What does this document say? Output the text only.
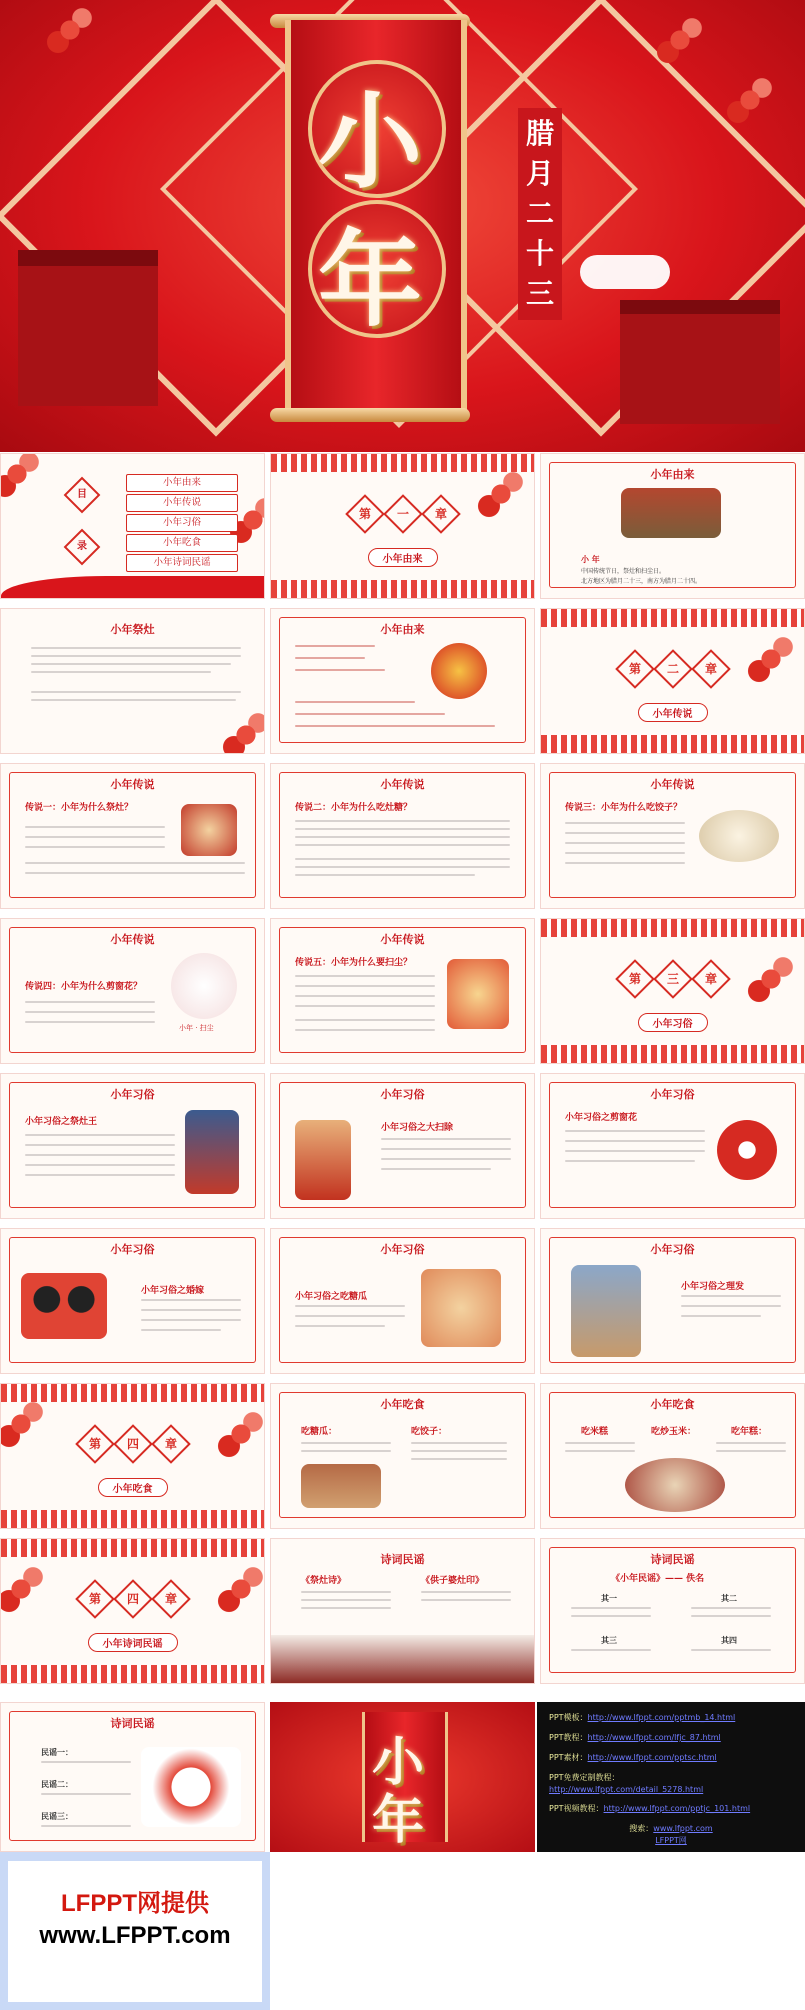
小
年
腊月二十三
目
录
小年由来
小年传说
小年习俗
小年吃食
小年诗词民谣
第	一	章
小年由来
小年由来
小 年
中国传统节日，祭灶和扫尘日。
北方地区为腊月二十三，南方为腊月二十四。
小年祭灶	小年由来
第	二	章
小年传说
小年传说
传说一：小年为什么祭灶？
小年传说
传说二：小年为什么吃灶糖？
小年传说
传说三：小年为什么吃饺子？
小年传说
传说四：小年为什么剪窗花？
小年 · 扫尘
小年传说
传说五：小年为什么要扫尘？
第	三	章
小年习俗
小年习俗
小年习俗之祭灶王
小年习俗
小年习俗之大扫除
小年习俗
小年习俗之剪窗花
小年习俗
小年习俗之婚嫁
小年习俗
小年习俗之吃糖瓜
小年习俗
小年习俗之理发
第	四	章
小年吃食
小年吃食
吃糖瓜：	吃饺子：
小年吃食
吃米糕	吃炒玉米：	吃年糕：
第	四	章
小年诗词民谣
诗词民谣
《祭灶诗》	《供子婆灶印》
诗词民谣
《小年民谣》—— 佚名
其一	其二
其三	其四
诗词民谣
民谣一：
民谣二：
民谣三：
小
年
PPT模板：http://www.lfppt.com/pptmb_14.html
PPT教程：http://www.lfppt.com/lfjc_87.html
PPT素材：http://www.lfppt.com/pptsc.html
PPT免费定制教程：
http://www.lfppt.com/detail_5278.html
PPT视频教程：http://www.lfppt.com/pptjc_101.html
搜索：www.lfppt.com
LFPPT网
LFPPT网提供
www.LFPPT.com
